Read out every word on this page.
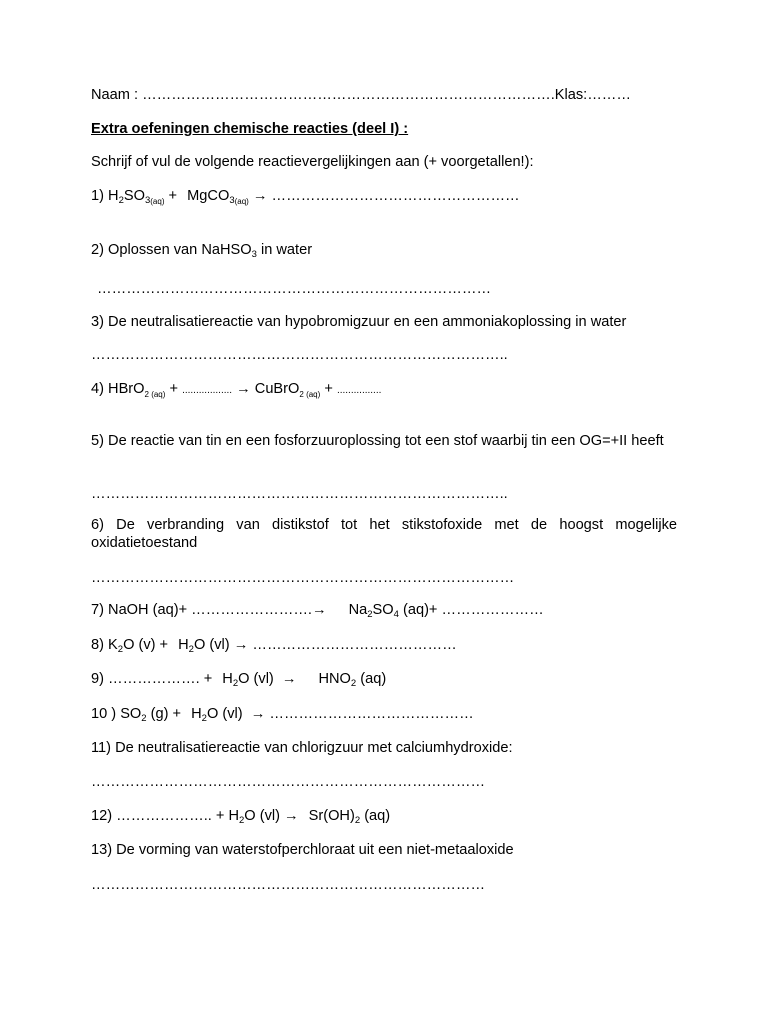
Naam : ………………………………………………………………………….Klas:………
Extra oefeningen chemische reacties (deel I) :
Schrijf of vul de volgende reactievergelijkingen aan (+ voorgetallen!):
1) $H_2SO_{3(aq)}$ + MgCO$_{3(aq)}$ → ……………………………………………
2) Oplossen van NaHSO$_3$ in water
………………………………………………………………………
3) De neutralisatiereactie van hypobromigzuur en een ammoniakoplossing in water
…………………………………………………………………………..
4) HBrO$_{2 (aq)}$ + .................. → CuBrO$_{2 (aq)}$ + ................
5) De reactie van tin en een fosforzuuroplossing tot een stof waarbij tin een OG=+II heeft
…………………………………………………………………………..
6) De verbranding van distikstof tot het stikstofoxide met de hoogst mogelijke oxidatietoestand
……………………………………………………………………………
7) NaOH (aq)+ …………………….→ $Na_2SO_4$ (aq)+ …………………
8) $K_2O$ $(v) + H_2O$ (vl) → ……………………………………
9) ………………. + $H_2O$ $(vl) \to HNO_2$ (aq)
10 ) $SO_2$ $(g) + H_2O$ (vl) → ……………………………………
11) De neutralisatiereactie van chlorigzuur met calciumhydroxide:
………………………………………………………………………
12) ……………….. + $H_2O$ $(vl) \to Sr(OH)_2$ (aq)
13) De vorming van waterstofperchloraat uit een niet-metaaloxide
………………………………………………………………………
